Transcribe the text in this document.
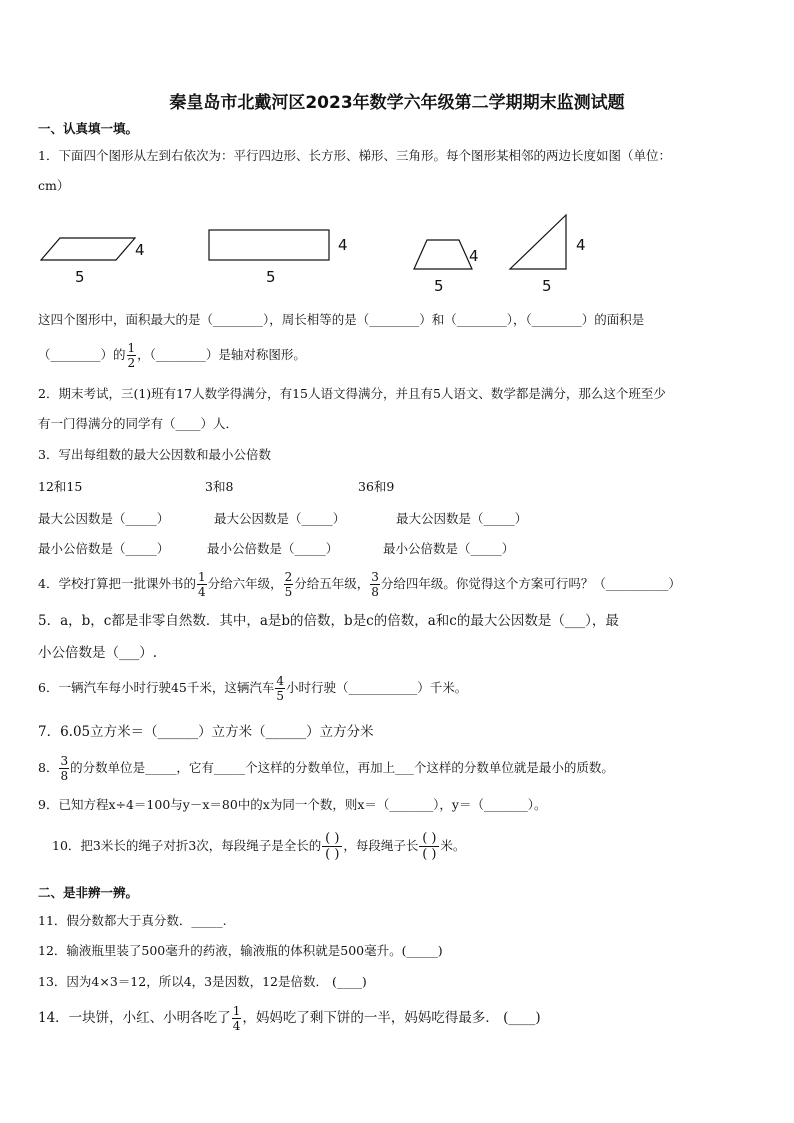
秦皇岛市北戴河区2023年数学六年级第二学期期末监测试题
一、认真填一填。
1．下面四个图形从左到右依次为：平行四边形、长方形、梯形、三角形。每个图形某相邻的两边长度如图（单位：
cm）
4
5
4
5
4
5
4
5
这四个图形中，面积最大的是（________），周长相等的是（________）和（________），（________）的面积是
（________）的 $\frac{1}{2}$ ，（________）是轴对称图形。
2．期末考试，三(1)班有17人数学得满分，有15人语文得满分，并且有5人语文、数学都是满分，那么这个班至少
有一门得满分的同学有（____）人．
3．写出每组数的最大公因数和最小公倍数
12和15	3和8	36和9
最大公因数是（_____）	最大公因数是（_____）	最大公因数是（_____）
最小公倍数是（_____）	最小公倍数是（_____）	最小公倍数是（_____）
4．学校打算把一批课外书的 $\frac{1}{4}$ 分给六年级， $\frac{2}{5}$ 分给五年级， $\frac{3}{8}$ 分给四年级。你觉得这个方案可行吗？（__________）
5．a，b，c都是非零自然数．其中，a是b的倍数，b是c的倍数，a和c的最大公因数是（___），最
小公倍数是（___）.
6．一辆汽车每小时行驶45千米，这辆汽车 $\frac{4}{5}$ 小时行驶（___________）千米。
7．6.05立方米＝（______）立方米（______）立方分米
8． $\frac{3}{8}$ 的分数单位是_____，它有_____个这样的分数单位，再加上___个这样的分数单位就是最小的质数。
9．已知方程x÷4＝100与y－x＝80中的x为同一个数，则x＝（_______），y＝（_______）。
10．把3米长的绳子对折3次，每段绳子是全长的 $\frac{( )}{( )}$ ，每段绳子长 $\frac{( )}{( )}$ 米。
二、是非辨一辨。
11．假分数都大于真分数．_____.
12．输液瓶里装了500毫升的药液，输液瓶的体积就是500毫升。(_____)
13．因为4×3＝12，所以4，3是因数，12是倍数． (____)
14．一块饼，小红、小明各吃了 $\frac{1}{4}$ ，妈妈吃了剩下饼的一半，妈妈吃得最多． (____)
